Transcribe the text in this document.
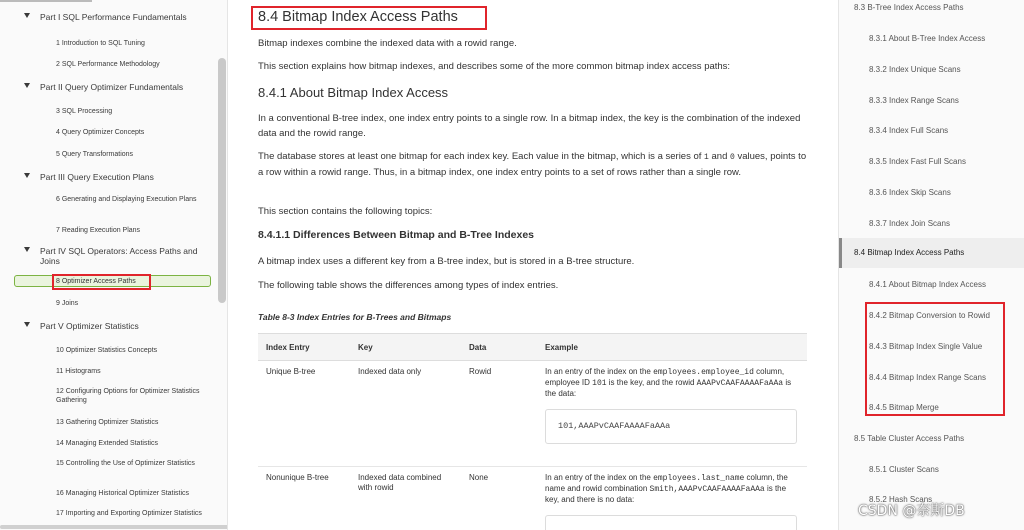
Part I SQL Performance Fundamentals
1 Introduction to SQL Tuning
2 SQL Performance Methodology
Part II Query Optimizer Fundamentals
3 SQL Processing
4 Query Optimizer Concepts
5 Query Transformations
Part III Query Execution Plans
6 Generating and Displaying Execution Plans
7 Reading Execution Plans
Part IV SQL Operators: Access Paths and Joins
9 Joins
Part V Optimizer Statistics
10 Optimizer Statistics Concepts
11 Histograms
12 Configuring Options for Optimizer Statistics Gathering
13 Gathering Optimizer Statistics
14 Managing Extended Statistics
15 Controlling the Use of Optimizer Statistics
16 Managing Historical Optimizer Statistics
17 Importing and Exporting Optimizer Statistics
8 Optimizer Access Paths
8.4 Bitmap Index Access Paths
Bitmap indexes combine the indexed data with a rowid range.
This section explains how bitmap indexes, and describes some of the more common bitmap index access paths:
8.4.1 About Bitmap Index Access
In a conventional B-tree index, one index entry points to a single row. In a bitmap index, the key is the combination of the indexed data and the rowid range.
The database stores at least one bitmap for each index key. Each value in the bitmap, which is a series of 1 and 0 values, points to a row within a rowid range. Thus, in a bitmap index, one index entry points to a set of rows rather than a single row.
This section contains the following topics:
8.4.1.1 Differences Between Bitmap and B-Tree Indexes
A bitmap index uses a different key from a B-tree index, but is stored in a B-tree structure.
The following table shows the differences among types of index entries.
Table 8-3 Index Entries for B-Trees and Bitmaps
Index Entry	Key	Data	Example
Unique B-tree	Indexed data only	Rowid	In an entry of the index on the employees.employee_id column, employee ID 101 is the key, and the rowid AAAPvCAAFAAAAFaAAa is the data:
101,AAAPvCAAFAAAAFaAAa

Nonunique B-tree	Indexed data combined with rowid	None	In an entry of the index on the employees.last_name column, the name and rowid combination Smith,AAAPvCAAFAAAAFaAAa is the key, and there is no data:
8.3 B-Tree Index Access Paths
8.3.1 About B-Tree Index Access
8.3.2 Index Unique Scans
8.3.3 Index Range Scans
8.3.4 Index Full Scans
8.3.5 Index Fast Full Scans
8.3.6 Index Skip Scans
8.3.7 Index Join Scans
8.4.1 About Bitmap Index Access
8.4.2 Bitmap Conversion to Rowid
8.4.3 Bitmap Index Single Value
8.4.4 Bitmap Index Range Scans
8.4.5 Bitmap Merge
8.5 Table Cluster Access Paths
8.5.1 Cluster Scans
8.5.2 Hash Scans
8.4 Bitmap Index Access Paths
CSDN @奈斯DB
